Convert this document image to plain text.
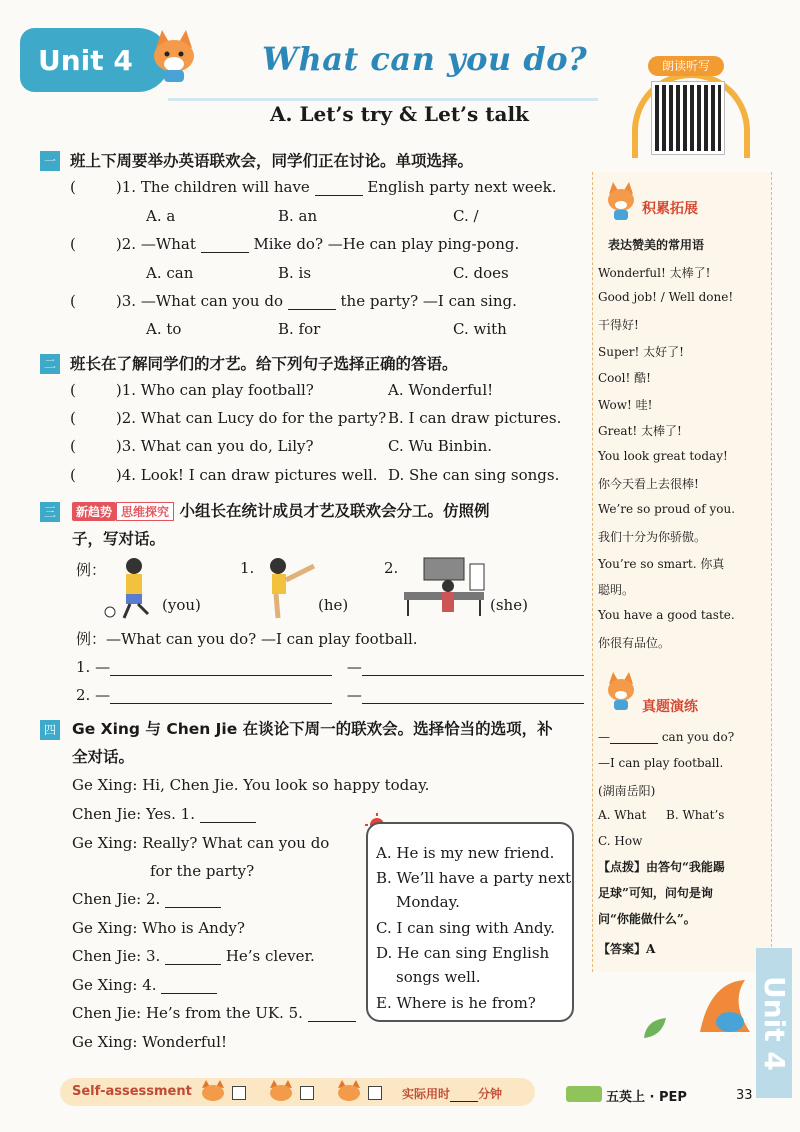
Unit 4	What can you do?
A. Let’s try & Let’s talk
朗读听写
一 班上下周要举办英语联欢会，同学们正在讨论。单项选择。
(	)1. The children will have	English party next week.
A. a	B. an	C. /
(	)2. —What	Mike do? —He can play ping-pong.
A. can	B. is	C. does
(	)3. —What can you do	the party? —I can sing.
A. to	B. for	C. with
二 班长在了解同学们的才艺。给下列句子选择正确的答语。
(	)1. Who can play football?	A. Wonderful!
(	)2. What can Lucy do for the party? B. I can draw pictures.
(	)3. What can you do, Lily?	C. Wu Binbin.
(	)4. Look! I can draw pictures well. D. She can sing songs.
三	新趋势 思维探究 小组长在统计成员才艺及联欢会分工。仿照例
子，写对话。
例：
(you)
1.
(he)
2.
(she)
例：—What can you do? —I can play football.
1. —	—
2. —	—
四 Ge Xing 与 Chen Jie 在谈论下周一的联欢会。选择恰当的选项，补
全对话。
Ge Xing: Hi, Chen Jie. You look so happy today.
Chen Jie: Yes. 1.
Ge Xing: Really? What can you do
for the party?
Chen Jie: 2.
Ge Xing: Who is Andy?
Chen Jie: 3.	He’s clever.
Ge Xing: 4.
Chen Jie: He’s from the UK. 5.
Ge Xing: Wonderful!
A. He is my new friend.
B. We’ll have a party next
Monday.
C. I can sing with Andy.
D. He can sing English
songs well.
E. Where is he from?
积累拓展
表达赞美的常用语
Wonderful! 太棒了!
Good job! / Well done!
干得好!
Super! 太好了!
Cool! 酷!
Wow! 哇!
Great! 太棒了!
You look great today!
你今天看上去很棒!
We’re so proud of you.
我们十分为你骄傲。
You’re so smart. 你真
聪明。
You have a good taste.
你很有品位。
真题演练
—	can you do?
—I can play football.
(湖南岳阳)
A. What B. What’s
C. How
【点拨】由答句“我能踢
足球”可知，问句是询
问“你能做什么”。
【答案】A
Unit 4
Self-assessment	实际用时 分钟	五英上 · PEP	33
